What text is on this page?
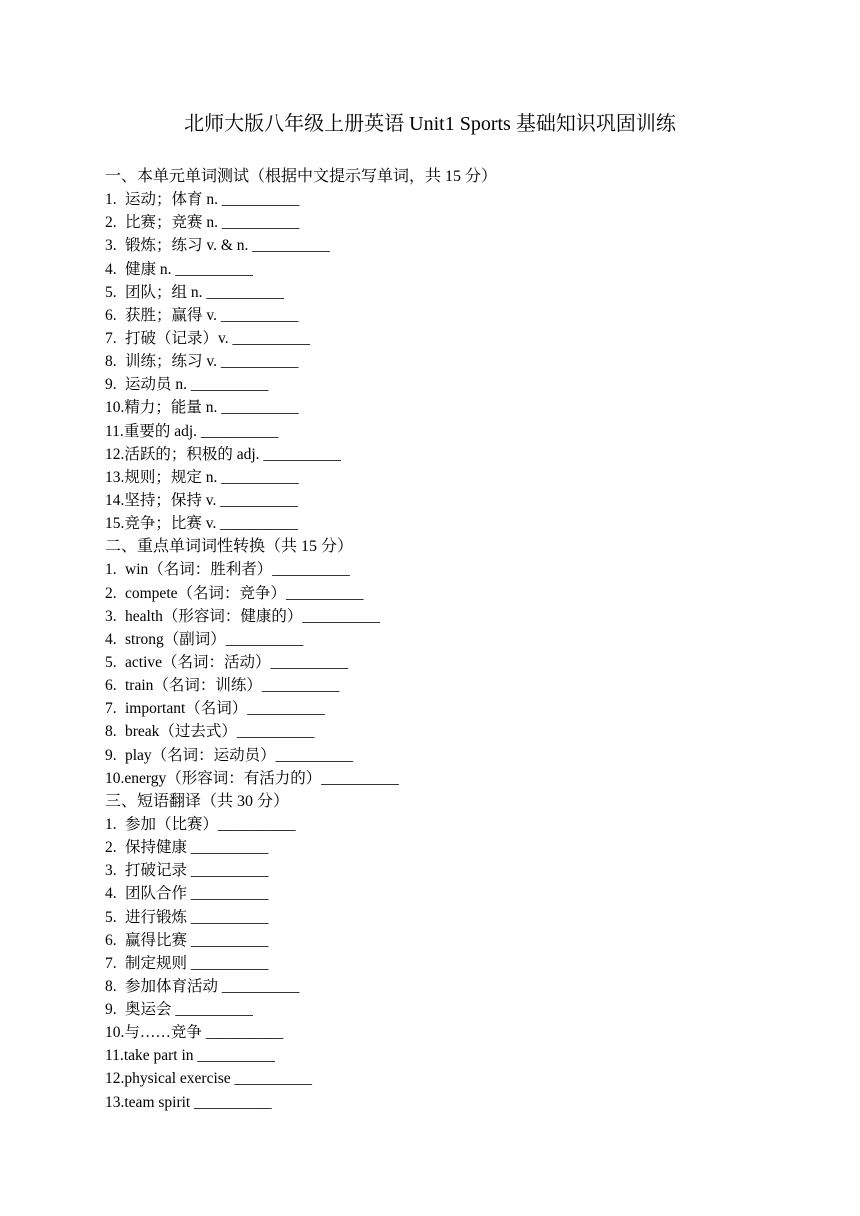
北师大版八年级上册英语 Unit1 Sports 基础知识巩固训练
一、本单元单词测试（根据中文提示写单词，共 15 分）
1. 运动；体育 n. __________
2. 比赛；竞赛 n. __________
3. 锻炼；练习 v. & n. __________
4. 健康 n. __________
5. 团队；组 n. __________
6. 获胜；赢得 v. __________
7. 打破（记录）v. __________
8. 训练；练习 v. __________
9. 运动员 n. __________
10.精力；能量 n. __________
11.重要的 adj. __________
12.活跃的；积极的 adj. __________
13.规则；规定 n. __________
14.坚持；保持 v. __________
15.竞争；比赛 v. __________
二、重点单词词性转换（共 15 分）
1. win（名词：胜利者）__________
2. compete（名词：竞争）__________
3. health（形容词：健康的）__________
4. strong（副词）__________
5. active（名词：活动）__________
6. train（名词：训练）__________
7. important（名词）__________
8. break（过去式）__________
9. play（名词：运动员）__________
10.energy（形容词：有活力的）__________
三、短语翻译（共 30 分）
1. 参加（比赛）__________
2. 保持健康 __________
3. 打破记录 __________
4. 团队合作 __________
5. 进行锻炼 __________
6. 赢得比赛 __________
7. 制定规则 __________
8. 参加体育活动 __________
9. 奥运会 __________
10.与……竞争 __________
11.take part in __________
12.physical exercise __________
13.team spirit __________
